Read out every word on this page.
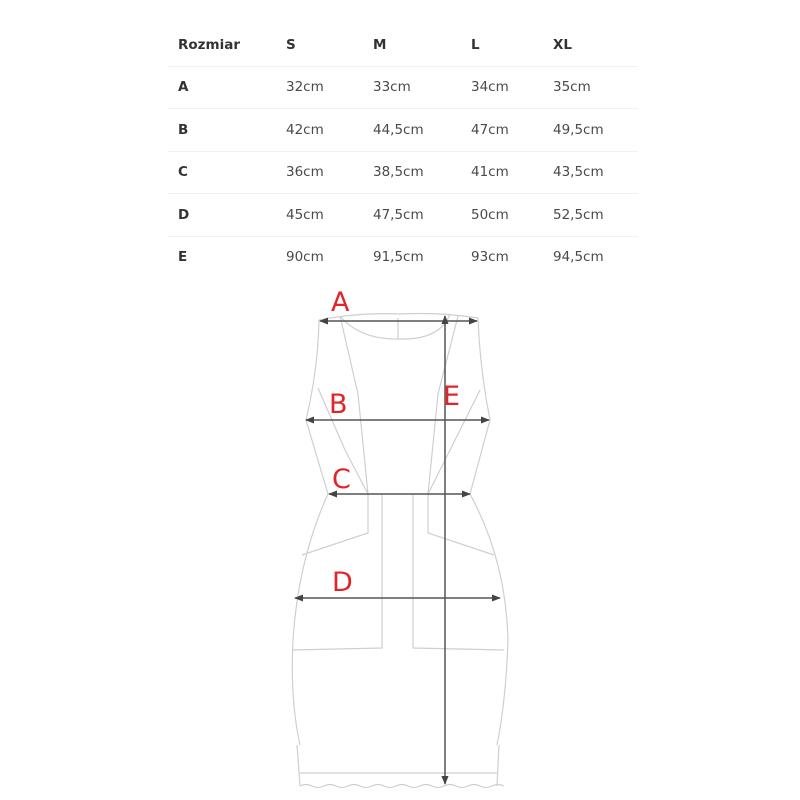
Rozmiar	S	M	L	XL
A	32cm	33cm	34cm	35cm
B	42cm	44,5cm	47cm	49,5cm
C	36cm	38,5cm	41cm	43,5cm
D	45cm	47,5cm	50cm	52,5cm
E	90cm	91,5cm	93cm	94,5cm
A
B	E
C
D
